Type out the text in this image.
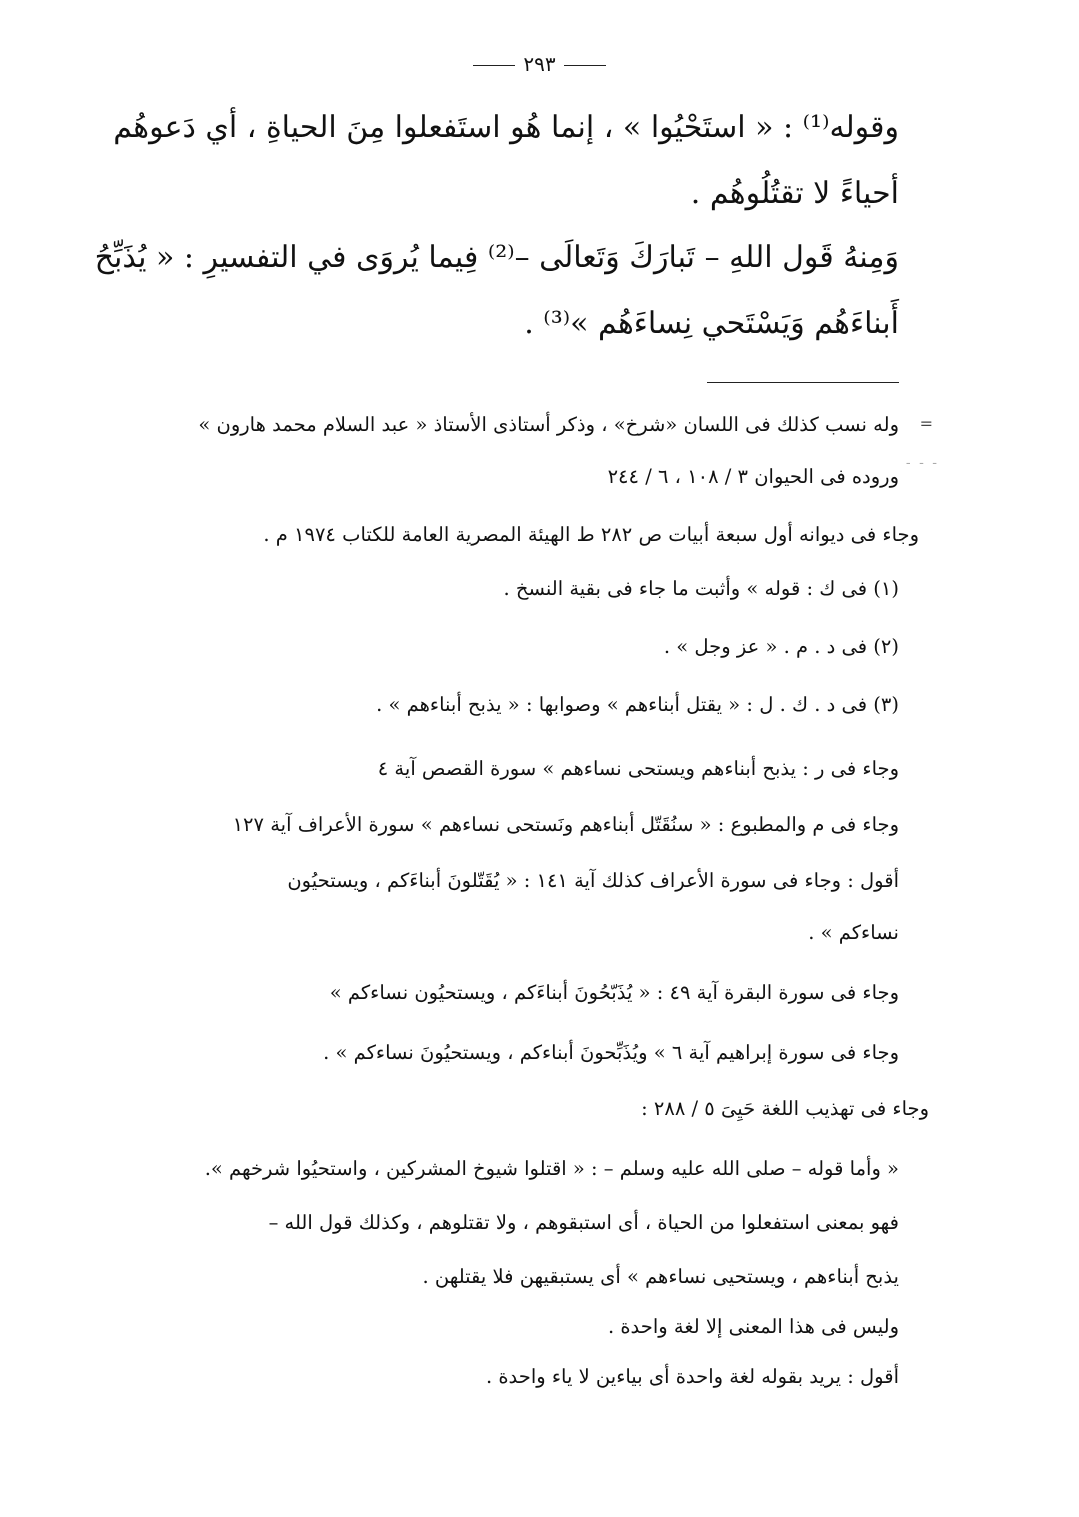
٢٩٣
وقوله⁽¹⁾ : « استَحْيُوا » ، إنما هُو استَفعلوا مِنَ الحياةِ ، أي دَعوهُم
أحياءً لا تقتُلُوهُم .
وَمِنهُ قَول اللهِ – تَبارَكَ وَتَعالَى –⁽²⁾ فِيما يُروَى في التفسيرِ : « يُذَبِّحُ
أَبناءَهُم وَيَسْتَحي نِساءَهُم »⁽³⁾ .
=
- - -
وله نسب كذلك فى اللسان «شرخ» ، وذكر أستاذى الأستاذ « عبد السلام محمد هارون »
وروده فى الحيوان ٣ / ١٠٨ ، ٦ / ٢٤٤
وجاء فى ديوانه أول سبعة أبيات ص ٢٨٢ ط الهيئة المصرية العامة للكتاب ١٩٧٤ م .
(١) فى ك : قوله » وأثبت ما جاء فى بقية النسخ .
(٢) فى د . م . « عز وجل » .
(٣) فى د . ك . ل : « يقتل أبناءهم » وصوابها : « يذبح أبناءهم » .
وجاء فى ر : يذبح أبناءهم ويستحى نساءهم » سورة القصص آية ٤
وجاء فى م والمطبوع : « سنُقَتّل أبناءهم ونَستحى نساءهم » سورة الأعراف آية ١٢٧
أقول : وجاء فى سورة الأعراف كذلك آية ١٤١ : « يُقَتّلونَ أبناءَكم ، ويستحيُون
نساءكم » .
وجاء فى سورة البقرة آية ٤٩ : « يُذَبّحُونَ أبناءَكم ، ويستحيُون نساءكم »
وجاء فى سورة إبراهيم آية ٦ » ويُذَبِّحونَ أبناءكم ، ويستحيُونَ نساءكم » .
وجاء فى تهذيب اللغة حَيِىَ ٥ / ٢٨٨ :
« وأما قوله – صلى الله عليه وسلم – : « اقتلوا شيوخ المشركين ، واستحيُوا شرخهم ».
فهو بمعنى استفعلوا من الحياة ، أى استبقوهم ، ولا تقتلوهم ، وكذلك قول الله –
يذبح أبناءهم ، ويستحيى نساءهم » أى يستبقيهن فلا يقتلهن .
وليس فى هذا المعنى إلا لغة واحدة .
أقول : يريد بقوله لغة واحدة أى بياءين لا ياء واحدة .
